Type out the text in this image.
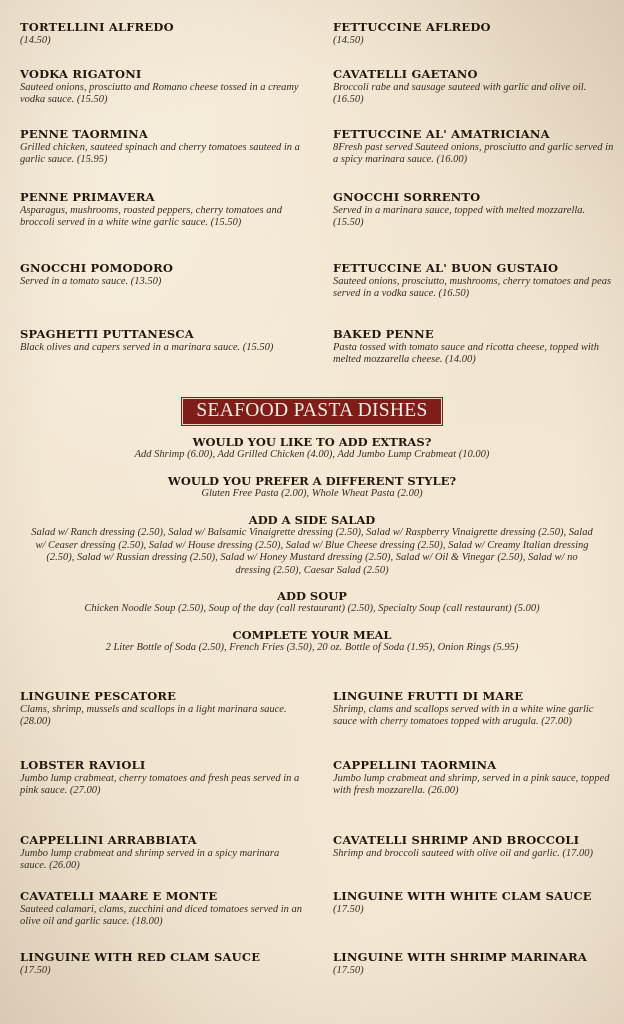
TORTELLINI ALFREDO
(14.50)
VODKA RIGATONI
Sauteed onions, prosciutto and Romano cheese tossed in a creamy vodka sauce. (15.50)
PENNE TAORMINA
Grilled chicken, sauteed spinach and cherry tomatoes sauteed in a garlic sauce. (15.95)
PENNE PRIMAVERA
Asparagus, mushrooms, roasted peppers, cherry tomatoes and broccoli served in a white wine garlic sauce. (15.50)
GNOCCHI POMODORO
Served in a tomato sauce. (13.50)
SPAGHETTI PUTTANESCA
Black olives and capers served in a marinara sauce. (15.50)
FETTUCCINE AFLREDO
(14.50)
CAVATELLI GAETANO
Broccoli rabe and sausage sauteed with garlic and olive oil. (16.50)
FETTUCCINE AL' AMATRICIANA
8Fresh past served Sauteed onions, prosciutto and garlic served in a spicy marinara sauce. (16.00)
GNOCCHI SORRENTO
Served in a marinara sauce, topped with melted mozzarella. (15.50)
FETTUCCINE AL' BUON GUSTAIO
Sauteed onions, prosciutto, mushrooms, cherry tomatoes and peas served in a vodka sauce. (16.50)
BAKED PENNE
Pasta tossed with tomato sauce and ricotta cheese, topped with melted mozzarella cheese. (14.00)
SEAFOOD PASTA DISHES
WOULD YOU LIKE TO ADD EXTRAS?
Add Shrimp (6.00), Add Grilled Chicken (4.00), Add Jumbo Lump Crabmeat (10.00)
WOULD YOU PREFER A DIFFERENT STYLE?
Gluten Free Pasta (2.00), Whole Wheat Pasta (2.00)
ADD A SIDE SALAD
Salad w/ Ranch dressing (2.50), Salad w/ Balsamic Vinaigrette dressing (2.50), Salad w/ Raspberry Vinaigrette dressing (2.50), Salad w/ Ceaser dressing (2.50), Salad w/ House dressing (2.50), Salad w/ Blue Cheese dressing (2.50), Salad w/ Creamy Italian dressing (2.50), Salad w/ Russian dressing (2.50), Salad w/ Honey Mustard dressing (2.50), Salad w/ Oil & Vinegar (2.50), Salad w/ no dressing (2.50), Caesar Salad (2.50)
ADD SOUP
Chicken Noodle Soup (2.50), Soup of the day (call restaurant) (2.50), Specialty Soup (call restaurant) (5.00)
COMPLETE YOUR MEAL
2 Liter Bottle of Soda (2.50), French Fries (3.50), 20 oz. Bottle of Soda (1.95), Onion Rings (5.95)
LINGUINE PESCATORE
Clams, shrimp, mussels and scallops in a light marinara sauce. (28.00)
LOBSTER RAVIOLI
Jumbo lump crabmeat, cherry tomatoes and fresh peas served in a pink sauce. (27.00)
CAPPELLINI ARRABBIATA
Jumbo lump crabmeat and shrimp served in a spicy marinara sauce. (26.00)
CAVATELLI MAARE E MONTE
Sauteed calamari, clams, zucchini and diced tomatoes served in an olive oil and garlic sauce. (18.00)
LINGUINE WITH RED CLAM SAUCE
(17.50)
LINGUINE FRUTTI DI MARE
Shrimp, clams and scallops served with in a white wine garlic sauce with cherry tomatoes topped with arugula. (27.00)
CAPPELLINI TAORMINA
Jumbo lump crabmeat and shrimp, served in a pink sauce, topped with fresh mozzarella. (26.00)
CAVATELLI SHRIMP AND BROCCOLI
Shrimp and broccoli sauteed with olive oil and garlic. (17.00)
LINGUINE WITH WHITE CLAM SAUCE
(17.50)
LINGUINE WITH SHRIMP MARINARA
(17.50)
